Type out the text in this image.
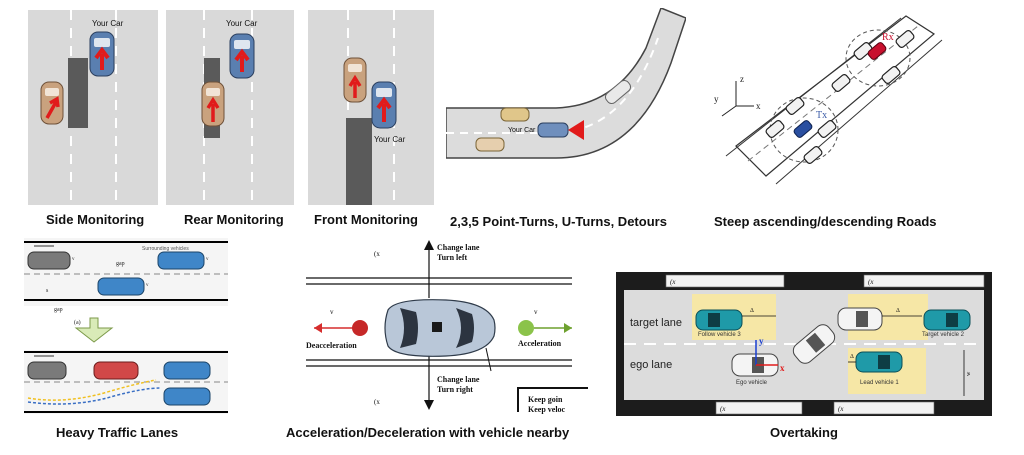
Your Car
Side Monitoring
Your Car
Rear Monitoring
Your Car
Front Monitoring
Your Car
2,3,5 Point-Turns, U-Turns, Detours
Rx
Tx
z
x
y
Steep ascending/descending Roads
Surrounding vehicles
gap
s
gap
v	v
v
(a)
Heavy Traffic Lanes
(x
Change lane
Turn left
(x
Change lane
Turn right
Deacceleration	Acceleration
v	v
Keep goin
Keep veloc
Acceleration/Deceleration with vehicle nearby
y
x
Δ	Δ
Δ
target lane
ego lane
Follow vehicle 3	Target vehicle 2
Ego vehicle	Lead vehicle 1
w
(x	(x
(x	(x
Overtaking
